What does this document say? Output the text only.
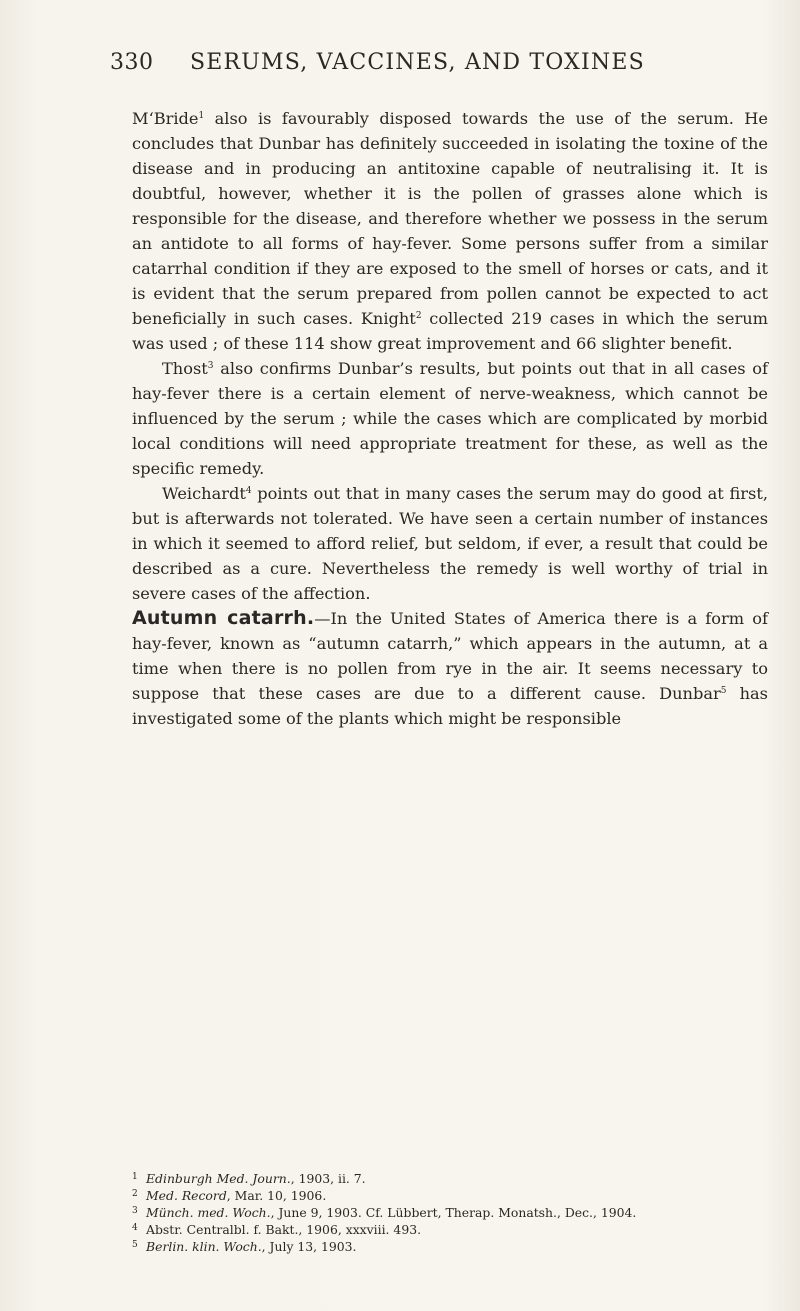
330 SERUMS, VACCINES, AND TOXINES

M‘Bride$^1$ also is favourably disposed towards the use of the serum. He concludes that Dunbar has definitely succeeded in isolating the toxine of the disease and in producing an antitoxine capable of neutralising it. It is doubtful, however, whether it is the pollen of grasses alone which is responsible for the disease, and therefore whether we possess in the serum an antidote to all forms of hay-fever. Some persons suffer from a similar catarrhal condition if they are exposed to the smell of horses or cats, and it is evident that the serum prepared from pollen cannot be expected to act beneficially in such cases. Knight$^2$ collected 219 cases in which the serum was used ; of these 114 show great improvement and 66 slighter benefit.

Thost$^3$ also confirms Dunbar’s results, but points out that in all cases of hay-fever there is a certain element of nerve-weakness, which cannot be influenced by the serum ; while the cases which are complicated by morbid local conditions will need appropriate treatment for these, as well as the specific remedy.

Weichardt$^4$ points out that in many cases the serum may do good at first, but is afterwards not tolerated. We have seen a certain number of instances in which it seemed to afford relief, but seldom, if ever, a result that could be described as a cure. Nevertheless the remedy is well worthy of trial in severe cases of the affection.

Autumn catarrh.—In the United States of America there is a form of hay-fever, known as “autumn catarrh,” which appears in the autumn, at a time when there is no pollen from rye in the air. It seems necessary to suppose that these cases are due to a different cause. Dunbar$^5$ has investigated some of the plants which might be responsible

1 Edinburgh Med. Journ., 1903, ii. 7.

2 Med. Record, Mar. 10, 1906.

3 Münch. med. Woch., June 9, 1903. Cf. Lübbert, Therap. Monatsh., Dec., 1904.

4 Abstr. Centralbl. f. Bakt., 1906, xxxviii. 493.

5 Berlin. klin. Woch., July 13, 1903.
